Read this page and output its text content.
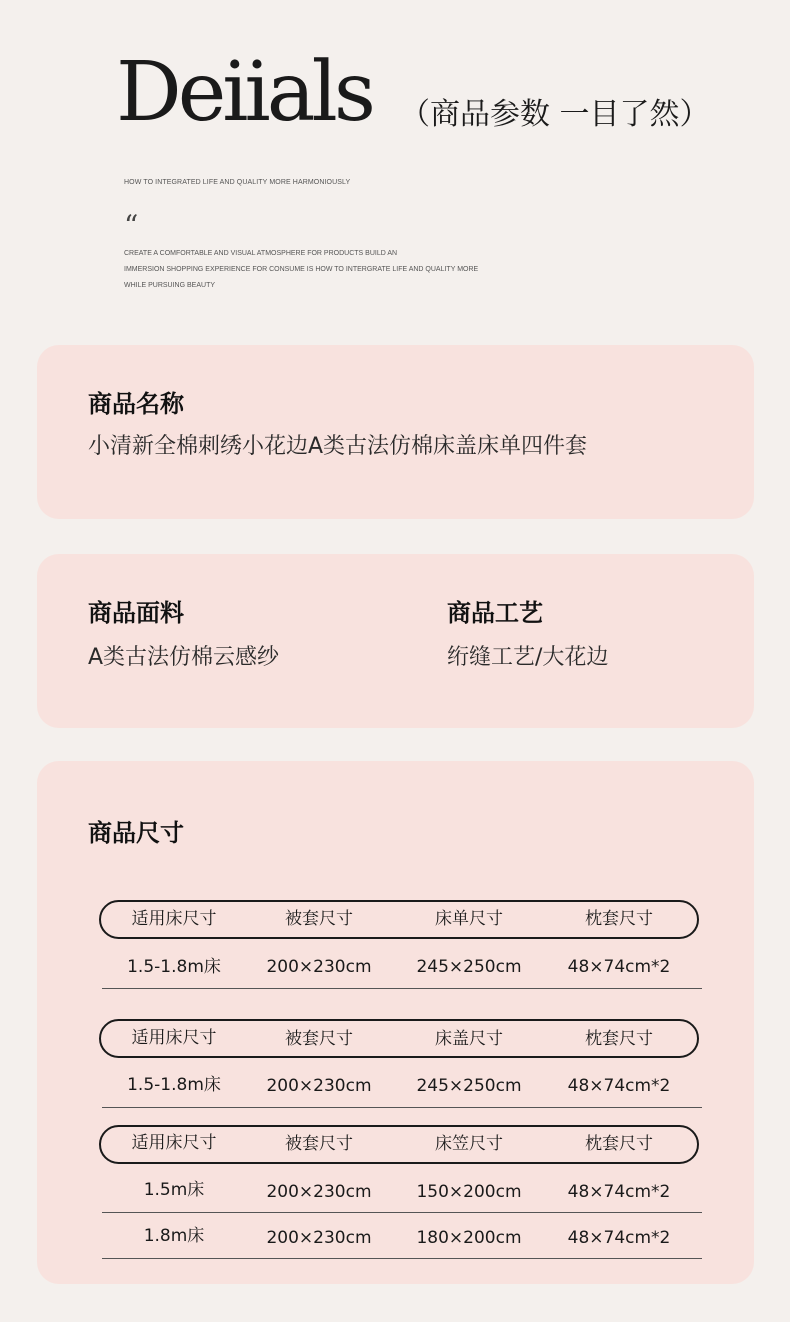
Deiials （商品参数 一目了然）
HOW TO INTEGRATED LIFE AND QUALITY MORE HARMONIOUSLY
“
CREATE A COMFORTABLE AND VISUAL ATMOSPHERE FOR PRODUCTS BUILD AN
IMMERSION SHOPPING EXPERIENCE FOR CONSUME IS HOW TO INTERGRATE LIFE AND QUALITY MORE
WHILE PURSUING BEAUTY
商品名称
小清新全棉刺绣小花边A类古法仿棉床盖床单四件套
商品面料
A类古法仿棉云感纱
商品工艺
绗缝工艺/大花边
商品尺寸
适用床尺寸	被套尺寸	床单尺寸	枕套尺寸
1.5-1.8m床	200×230cm	245×250cm	48×74cm*2
适用床尺寸	被套尺寸	床盖尺寸	枕套尺寸
1.5-1.8m床	200×230cm	245×250cm	48×74cm*2
适用床尺寸	被套尺寸	床笠尺寸	枕套尺寸
1.5m床	200×230cm	150×200cm	48×74cm*2
1.8m床	200×230cm	180×200cm	48×74cm*2
